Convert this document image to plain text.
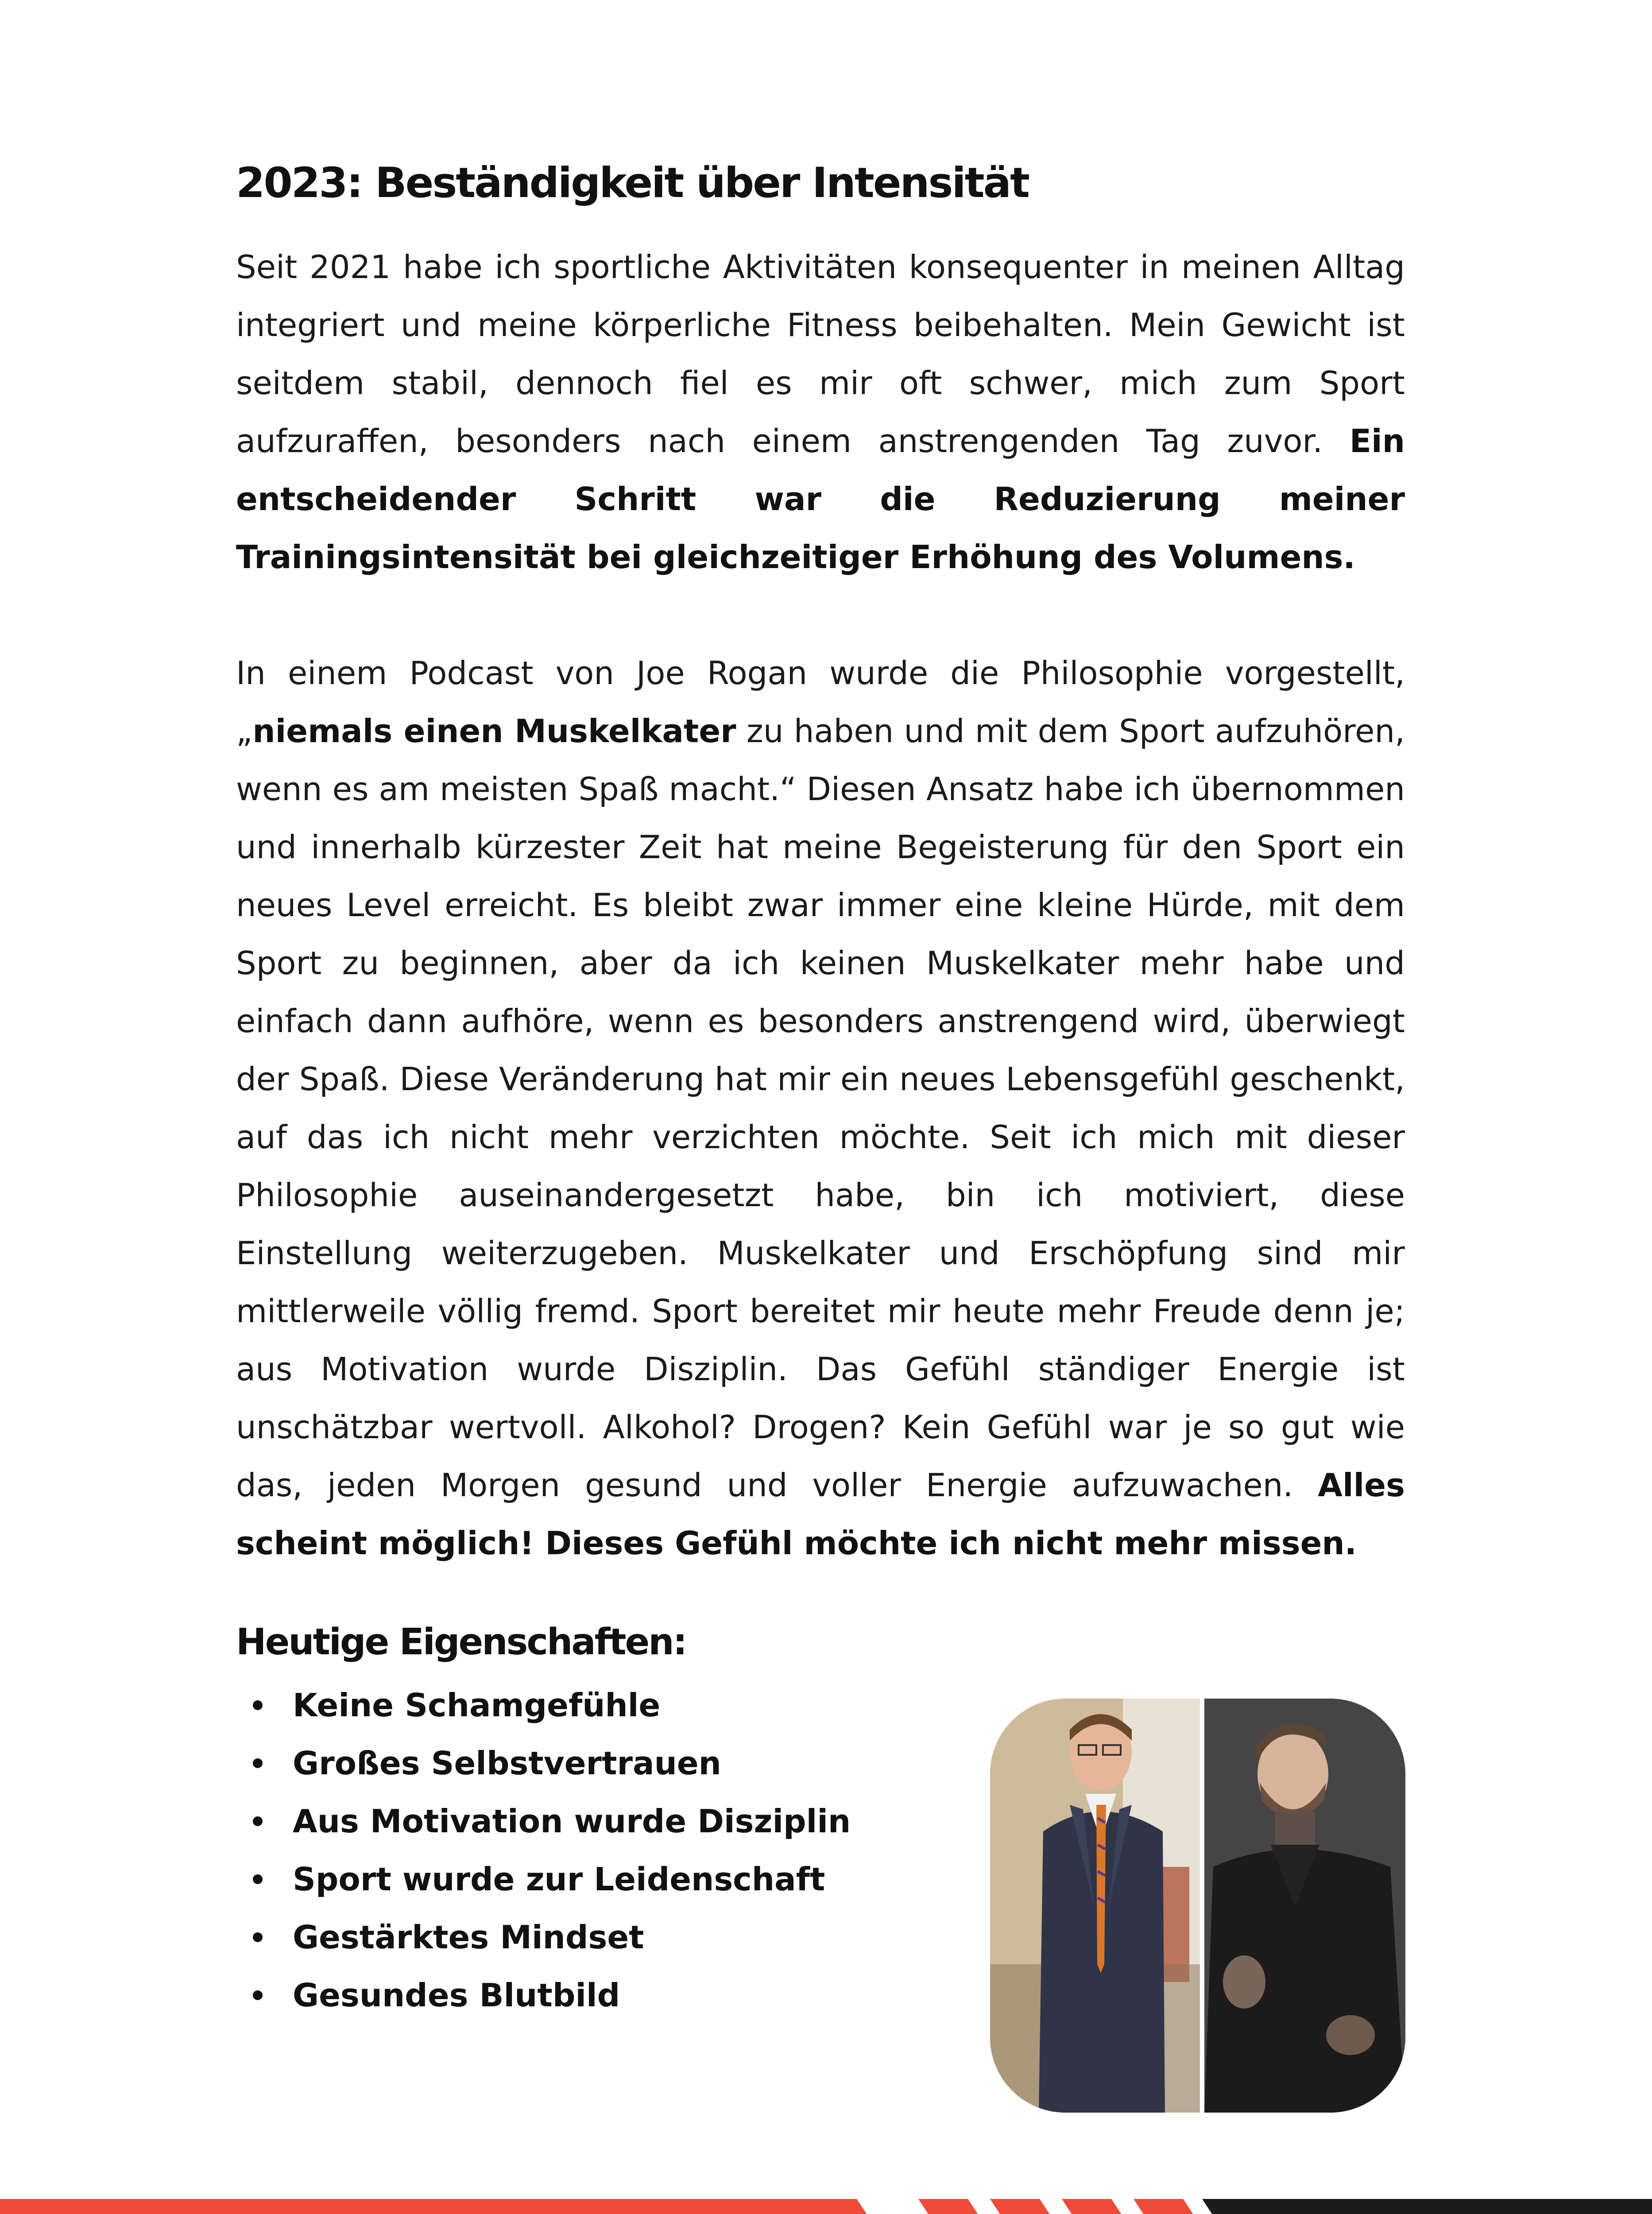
2023: Beständigkeit über Intensität

Seit 2021 habe ich sportliche Aktivitäten konsequenter in meinen Alltag integriert und meine körperliche Fitness beibehalten. Mein Gewicht ist seitdem stabil, dennoch fiel es mir oft schwer, mich zum Sport aufzuraffen, besonders nach einem anstrengenden Tag zuvor. Ein entscheidender Schritt war die Reduzierung meiner Trainingsintensität bei gleichzeitiger Erhöhung des Volumens.

In einem Podcast von Joe Rogan wurde die Philosophie vorgestellt, „niemals einen Muskelkater zu haben und mit dem Sport aufzuhören, wenn es am meisten Spaß macht.“ Diesen Ansatz habe ich übernommen und innerhalb kürzester Zeit hat meine Begeisterung für den Sport ein neues Level erreicht. Es bleibt zwar immer eine kleine Hürde, mit dem Sport zu beginnen, aber da ich keinen Muskelkater mehr habe und einfach dann aufhöre, wenn es besonders anstrengend wird, überwiegt der Spaß. Diese Veränderung hat mir ein neues Lebensgefühl geschenkt, auf das ich nicht mehr verzichten möchte. Seit ich mich mit dieser Philosophie auseinandergesetzt habe, bin ich motiviert, diese Einstellung weiterzugeben. Muskelkater und Erschöpfung sind mir mittlerweile völlig fremd. Sport bereitet mir heute mehr Freude denn je; aus Motivation wurde Disziplin. Das Gefühl ständiger Energie ist unschätzbar wertvoll. Alkohol? Drogen? Kein Gefühl war je so gut wie das, jeden Morgen gesund und voller Energie aufzuwachen. Alles scheint möglich! Dieses Gefühl möchte ich nicht mehr missen.

Heutige Eigenschaften:
Keine Schamgefühle
Großes Selbstvertrauen
Aus Motivation wurde Disziplin
Sport wurde zur Leidenschaft
Gestärktes Mindset
Gesundes Blutbild
